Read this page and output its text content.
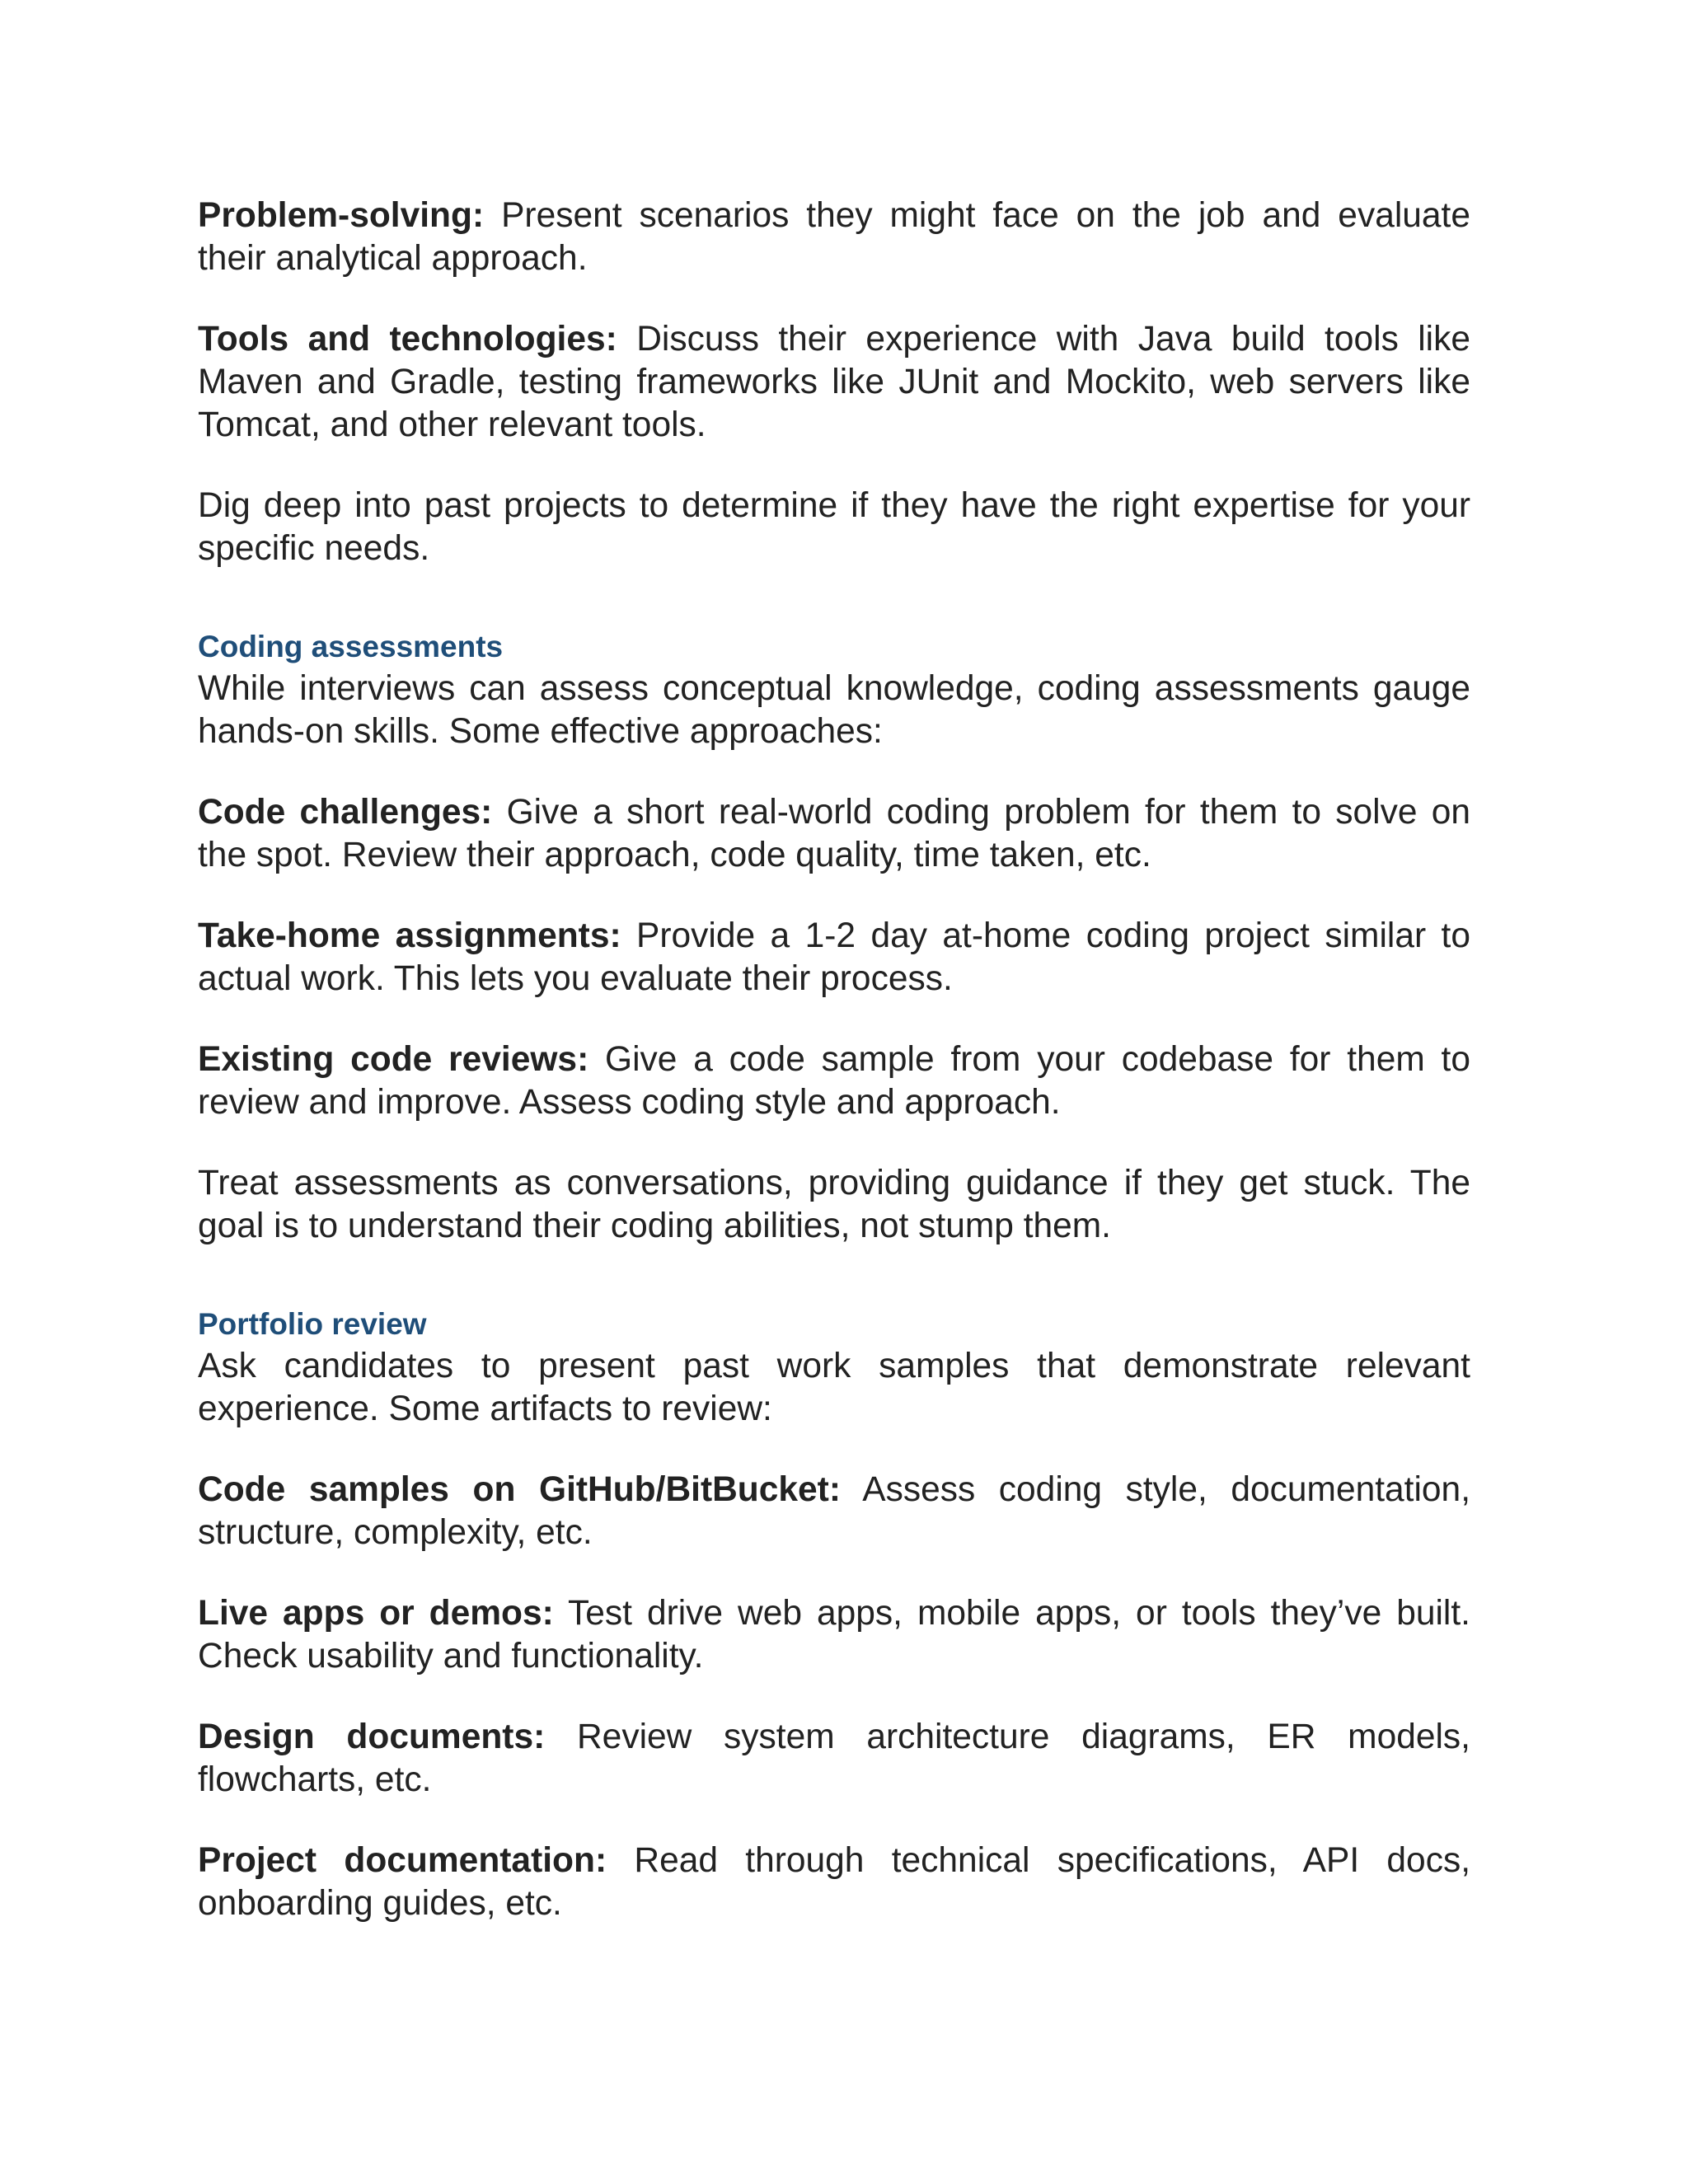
Problem-solving: Present scenarios they might face on the job and evaluate their analytical approach.

Tools and technologies: Discuss their experience with Java build tools like Maven and Gradle, testing frameworks like JUnit and Mockito, web servers like Tomcat, and other relevant tools.

Dig deep into past projects to determine if they have the right expertise for your specific needs.

Coding assessments

While interviews can assess conceptual knowledge, coding assessments gauge hands-on skills. Some effective approaches:

Code challenges: Give a short real-world coding problem for them to solve on the spot. Review their approach, code quality, time taken, etc.

Take-home assignments: Provide a 1-2 day at-home coding project similar to actual work. This lets you evaluate their process.

Existing code reviews: Give a code sample from your codebase for them to review and improve. Assess coding style and approach.

Treat assessments as conversations, providing guidance if they get stuck. The goal is to understand their coding abilities, not stump them.

Portfolio review

Ask candidates to present past work samples that demonstrate relevant experience. Some artifacts to review:

Code samples on GitHub/BitBucket: Assess coding style, documentation, structure, complexity, etc.

Live apps or demos: Test drive web apps, mobile apps, or tools they’ve built. Check usability and functionality.

Design documents: Review system architecture diagrams, ER models, flowcharts, etc.

Project documentation: Read through technical specifications, API docs, onboarding guides, etc.
